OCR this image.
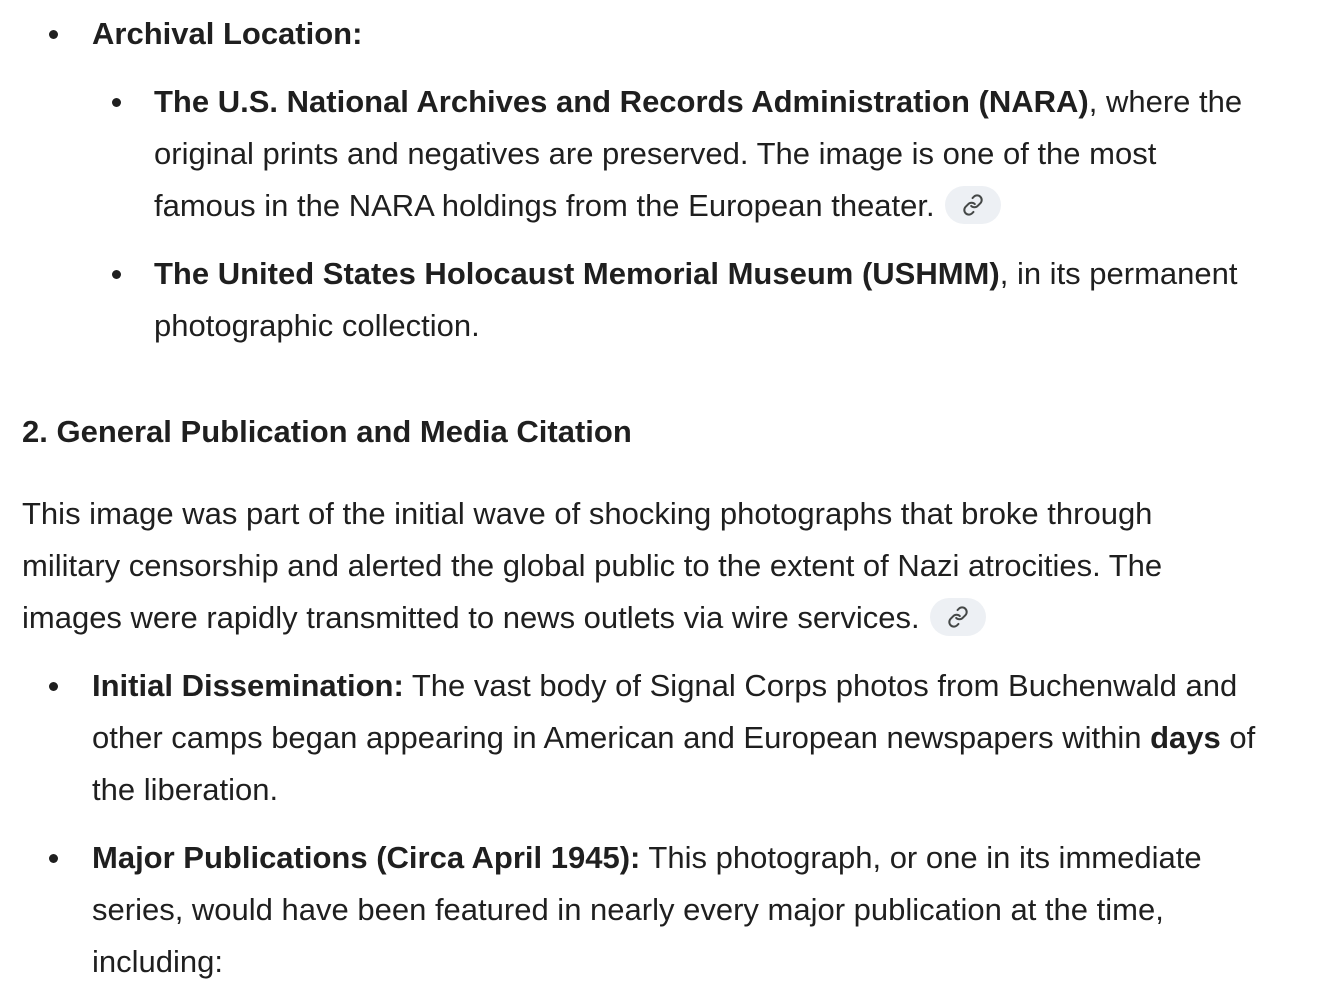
Archival Location:
The U.S. National Archives and Records Administration (NARA), where the
original prints and negatives are preserved. The image is one of the most
famous in the NARA holdings from the European theater.
The United States Holocaust Memorial Museum (USHMM), in its permanent
photographic collection.
2. General Publication and Media Citation
This image was part of the initial wave of shocking photographs that broke through
military censorship and alerted the global public to the extent of Nazi atrocities. The
images were rapidly transmitted to news outlets via wire services.
Initial Dissemination: The vast body of Signal Corps photos from Buchenwald and
other camps began appearing in American and European newspapers within days of
the liberation.
Major Publications (Circa April 1945): This photograph, or one in its immediate
series, would have been featured in nearly every major publication at the time,
including:
